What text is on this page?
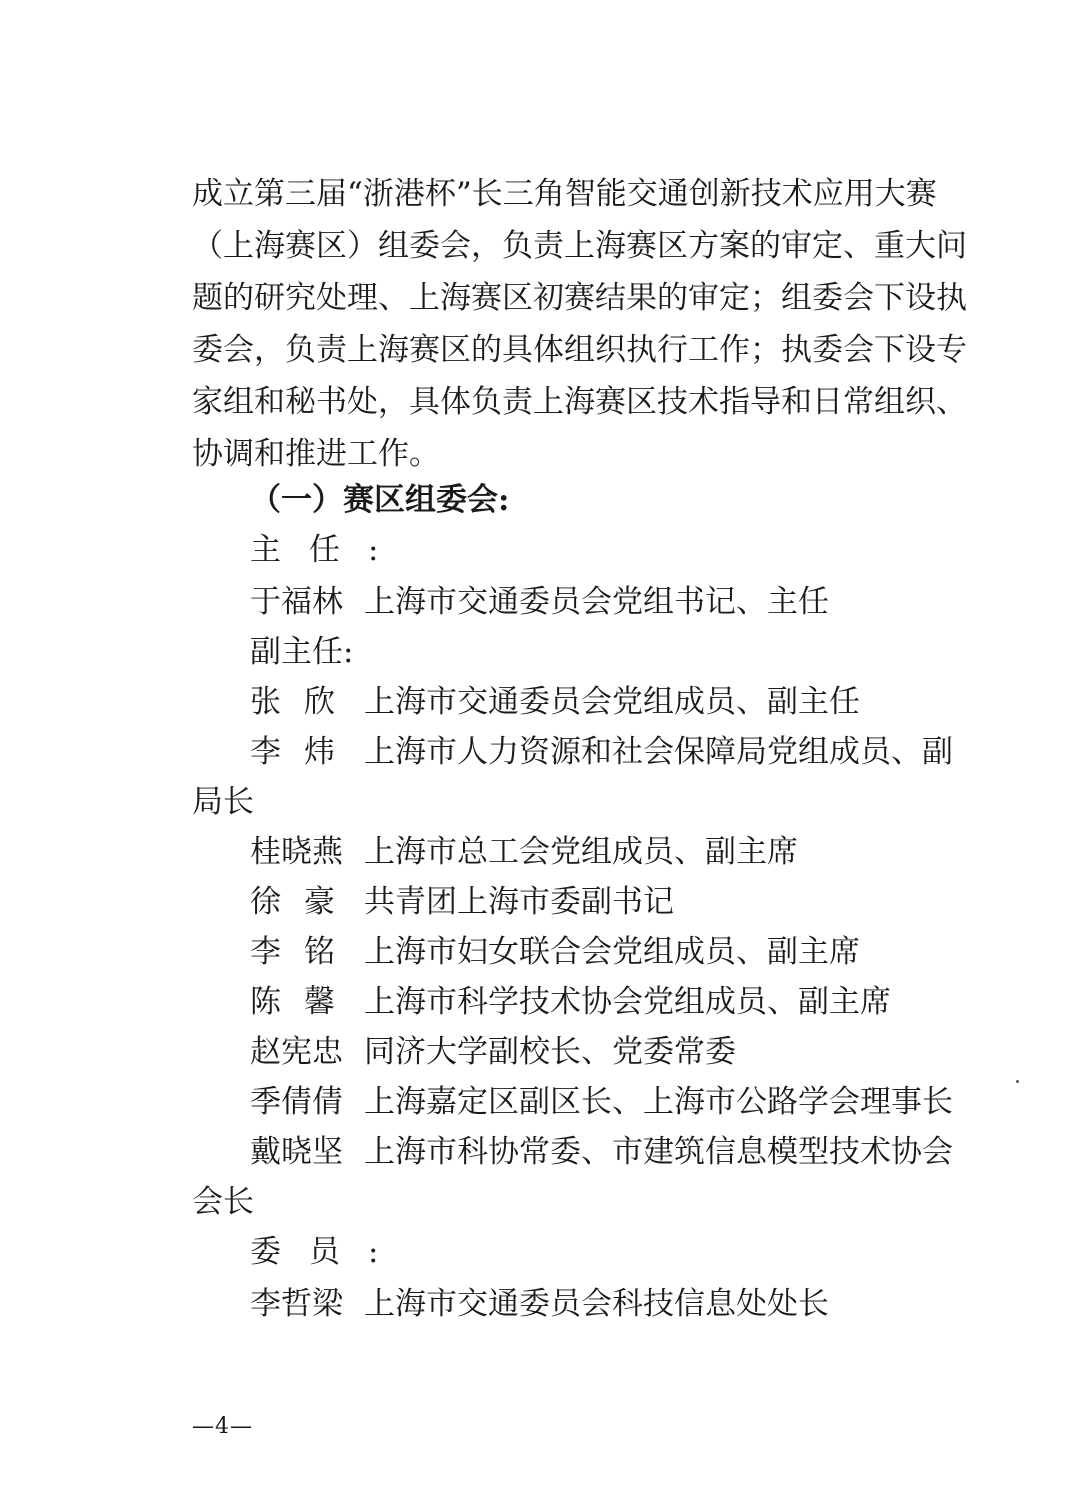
成立第三届“浙港杯”长三角智能交通创新技术应用大赛
（上海赛区）组委会，负责上海赛区方案的审定、重大问
题的研究处理、上海赛区初赛结果的审定；组委会下设执
委会，负责上海赛区的具体组织执行工作；执委会下设专
家组和秘书处，具体负责上海赛区技术指导和日常组织、
协调和推进工作。

（一）赛区组委会:

主任:

于福林 上海市交通委员会党组书记、主任

副主任:

张欣 上海市交通委员会党组成员、副主任
李炜 上海市人力资源和社会保障局党组成员、副

局长

桂晓燕 上海市总工会党组成员、副主席
徐豪 共青团上海市委副书记
李铭 上海市妇女联合会党组成员、副主席
陈馨 上海市科学技术协会党组成员、副主席
赵宪忠 同济大学副校长、党委常委
季倩倩 上海嘉定区副区长、上海市公路学会理事长
戴晓坚 上海市科协常委、市建筑信息模型技术协会

会长

委员:

李哲梁 上海市交通委员会科技信息处处长
—4—
